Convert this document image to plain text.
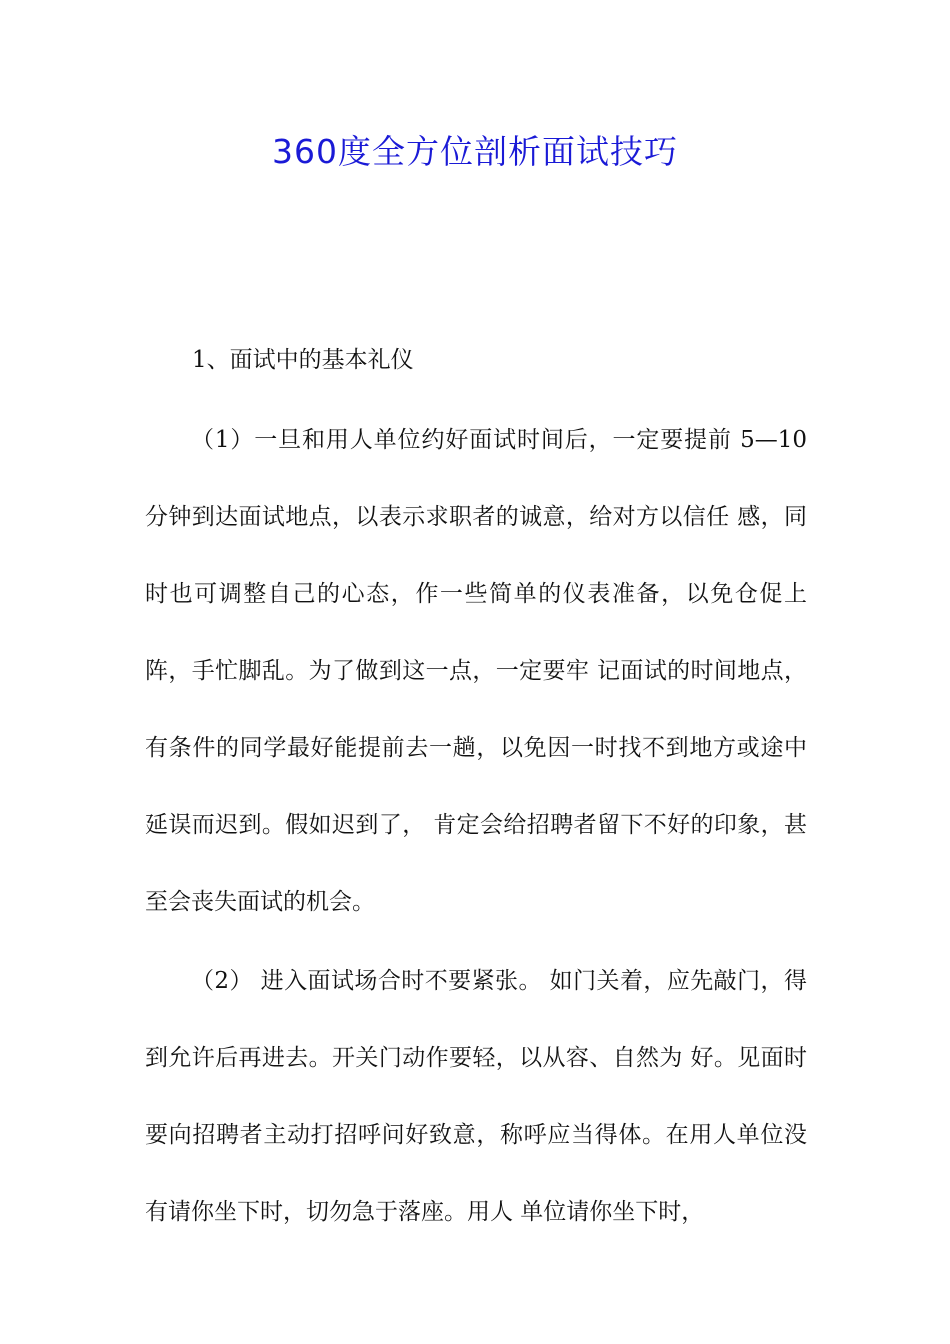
360度全方位剖析面试技巧
1、面试中的基本礼仪

（1）一旦和用人单位约好面试时间后，一定要提前 5—10 分钟到达面试地点，以表示求职者的诚意，给对方以信任 感，同时也可调整自己的心态，作一些简单的仪表准备，以免仓促上阵，手忙脚乱。为了做到这一点，一定要牢 记面试的时间地点，有条件的同学最好能提前去一趟，以免因一时找不到地方或途中延误而迟到。假如迟到了， 肯定会给招聘者留下不好的印象，甚至会丧失面试的机会。

（2） 进入面试场合时不要紧张。 如门关着，应先敲门，得到允许后再进去。开关门动作要轻，以从容、自然为 好。见面时要向招聘者主动打招呼问好致意，称呼应当得体。在用人单位没有请你坐下时，切勿急于落座。用人 单位请你坐下时，
